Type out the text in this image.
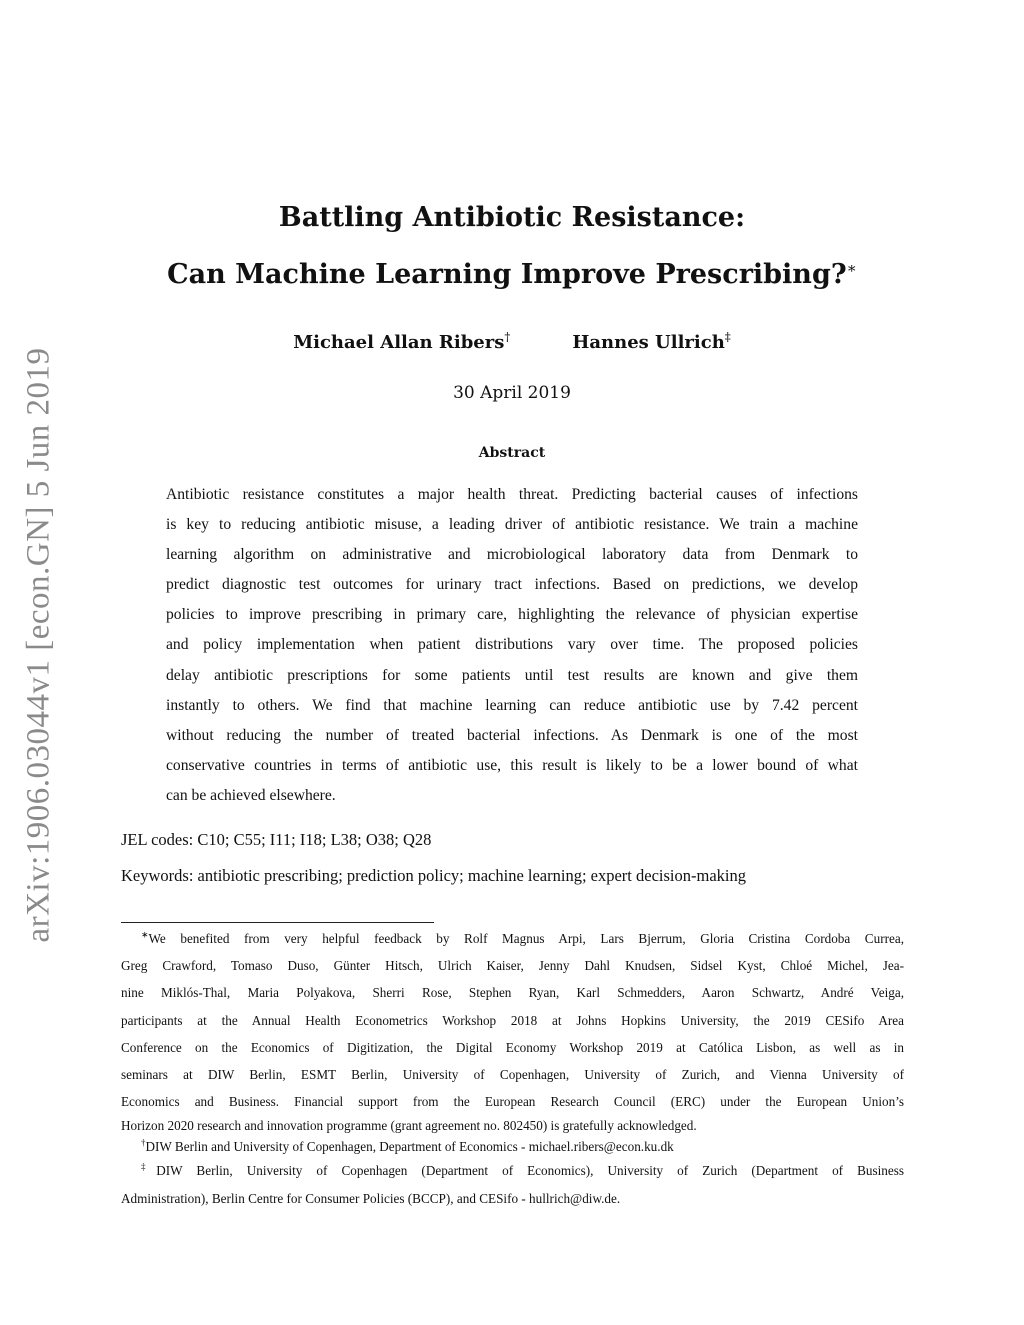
arXiv:1906.03044v1 [econ.GN] 5 Jun 2019
Battling Antibiotic Resistance:
Can Machine Learning Improve Prescribing?∗
Michael Allan Ribers†	Hannes Ullrich‡
30 April 2019
Abstract
Antibiotic resistance constitutes a major health threat. Predicting bacterial causes of infections
is key to reducing antibiotic misuse, a leading driver of antibiotic resistance. We train a machine
learning algorithm on administrative and microbiological laboratory data from Denmark to
predict diagnostic test outcomes for urinary tract infections. Based on predictions, we develop
policies to improve prescribing in primary care, highlighting the relevance of physician expertise
and policy implementation when patient distributions vary over time. The proposed policies
delay antibiotic prescriptions for some patients until test results are known and give them
instantly to others. We find that machine learning can reduce antibiotic use by 7.42 percent
without reducing the number of treated bacterial infections. As Denmark is one of the most
conservative countries in terms of antibiotic use, this result is likely to be a lower bound of what
can be achieved elsewhere.
JEL codes: C10; C55; I11; I18; L38; O38; Q28
Keywords: antibiotic prescribing; prediction policy; machine learning; expert decision-making
∗We benefited from very helpful feedback by Rolf Magnus Arpi, Lars Bjerrum, Gloria Cristina Cordoba Currea,
Greg Crawford, Tomaso Duso, Günter Hitsch, Ulrich Kaiser, Jenny Dahl Knudsen, Sidsel Kyst, Chloé Michel, Jea-
nine Miklós-Thal, Maria Polyakova, Sherri Rose, Stephen Ryan, Karl Schmedders, Aaron Schwartz, André Veiga,
participants at the Annual Health Econometrics Workshop 2018 at Johns Hopkins University, the 2019 CESifo Area
Conference on the Economics of Digitization, the Digital Economy Workshop 2019 at Católica Lisbon, as well as in
seminars at DIW Berlin, ESMT Berlin, University of Copenhagen, University of Zurich, and Vienna University of
Economics and Business. Financial support from the European Research Council (ERC) under the European Union’s
Horizon 2020 research and innovation programme (grant agreement no. 802450) is gratefully acknowledged.
†DIW Berlin and University of Copenhagen, Department of Economics - michael.ribers@econ.ku.dk
‡DIW Berlin, University of Copenhagen (Department of Economics), University of Zurich (Department of Business
Administration), Berlin Centre for Consumer Policies (BCCP), and CESifo - hullrich@diw.de.
